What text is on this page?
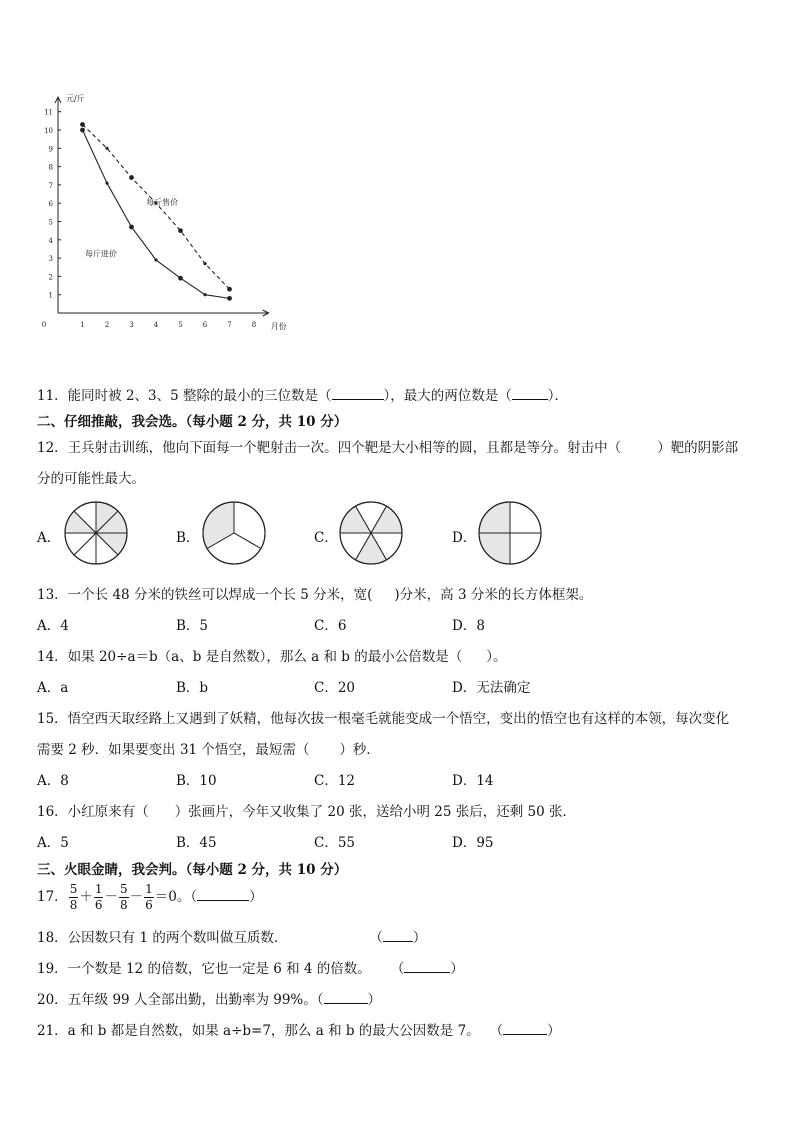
元/斤
月份
1
2
3
4
5
6
7
8
9
10
11
0	1	2	3	4	5	6	7	8
每斤售价
每斤进价
11．能同时被 2、3、5 整除的最小的三位数是（	），最大的两位数是（	）．
二、仔细推敲，我会选。（每小题 2 分，共 10 分）
12．王兵射击训练，他向下面每一个靶射击一次。四个靶是大小相等的圆，且都是等分。射击中（	）靶的阴影部
分的可能性最大。
A．	B．	C．	D．
13．一个长 48 分米的铁丝可以焊成一个长 5 分米，宽( )分米，高 3 分米的长方体框架。
A．4	B．5	C．6	D．8
14．如果 20÷a＝b（a、b 是自然数），那么 a 和 b 的最小公倍数是（ ）。
A．a	B．b	C．20	D．无法确定
15．悟空西天取经路上又遇到了妖精，他每次拔一根毫毛就能变成一个悟空，变出的悟空也有这样的本领，每次变化
需要 2 秒．如果要变出 31 个悟空，最短需（ ）秒．
A．8	B．10	C．12	D．14
16．小红原来有（ ）张画片，今年又收集了 20 张，送给小明 25 张后，还剩 50 张．
A．5	B．45	C．55	D．95
三、火眼金睛，我会判。（每小题 2 分，共 10 分）
17． $\frac{5}{8} + \frac{1}{6} - \frac{5}{8} - \frac{1}{6} =0$。（	）
18．公因数只有 1 的两个数叫做互质数．	（ ）
19．一个数是 12 的倍数，它也一定是 6 和 4 的倍数。 （	）
20．五年级 99 人全部出勤，出勤率为 99%。（	）
21．a 和 b 都是自然数，如果 a÷b=7，那么 a 和 b 的最大公因数是 7。 （	）
